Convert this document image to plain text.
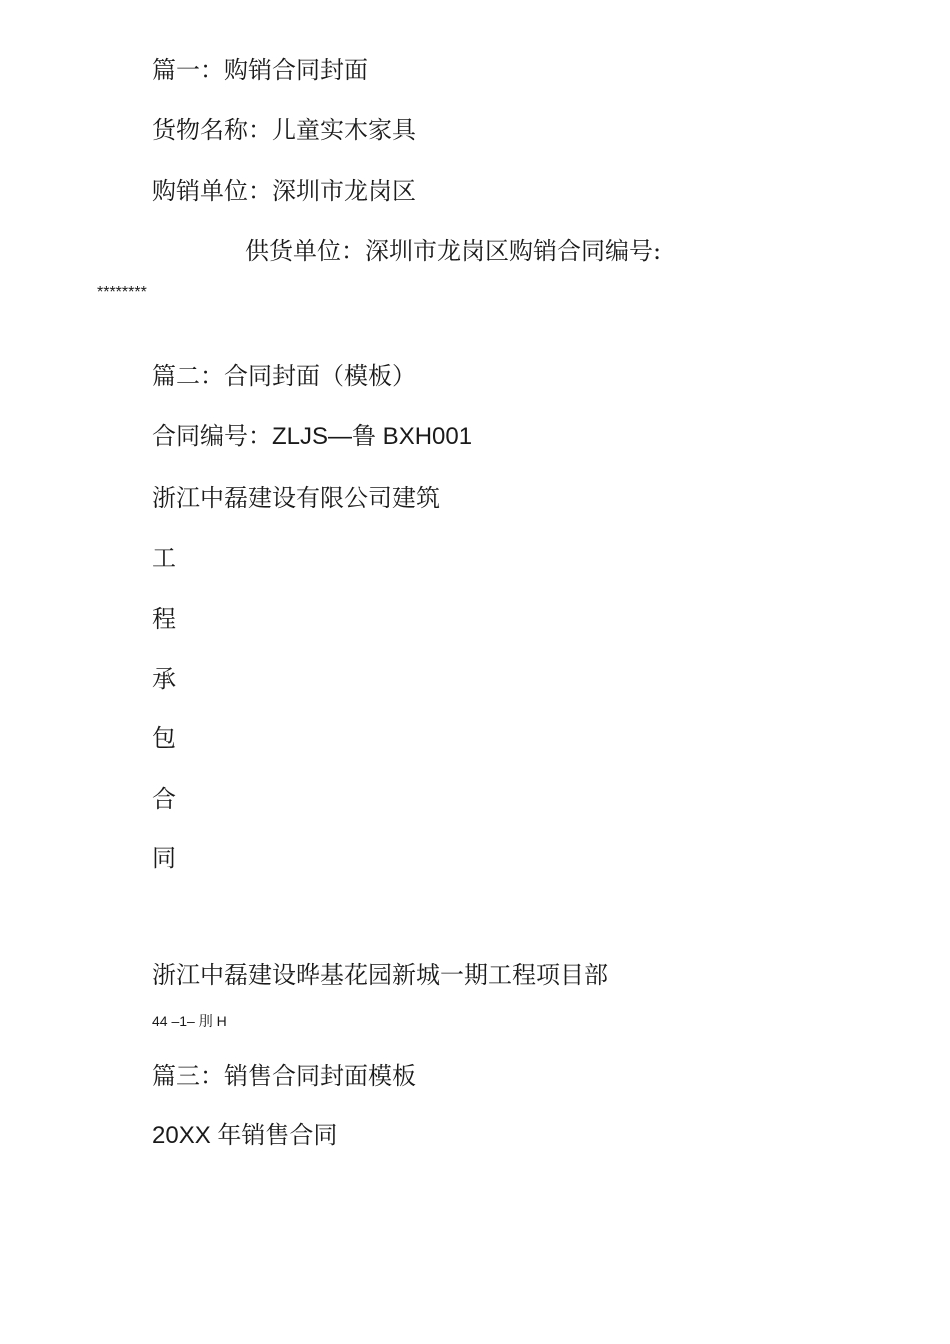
篇一：购销合同封面
货物名称：儿童实木家具
购销单位：深圳市龙岗区
供货单位：深圳市龙岗区购销合同编号:
********
篇二：合同封面（模板）
合同编号：ZLJS—鲁 BXH001
浙江中磊建设有限公司建筑
工
程
承
包
合
同
浙江中磊建设晔基花园新城一期工程项目部
44 –1– 刖 H
篇三：销售合同封面模板
20XX 年销售合同
